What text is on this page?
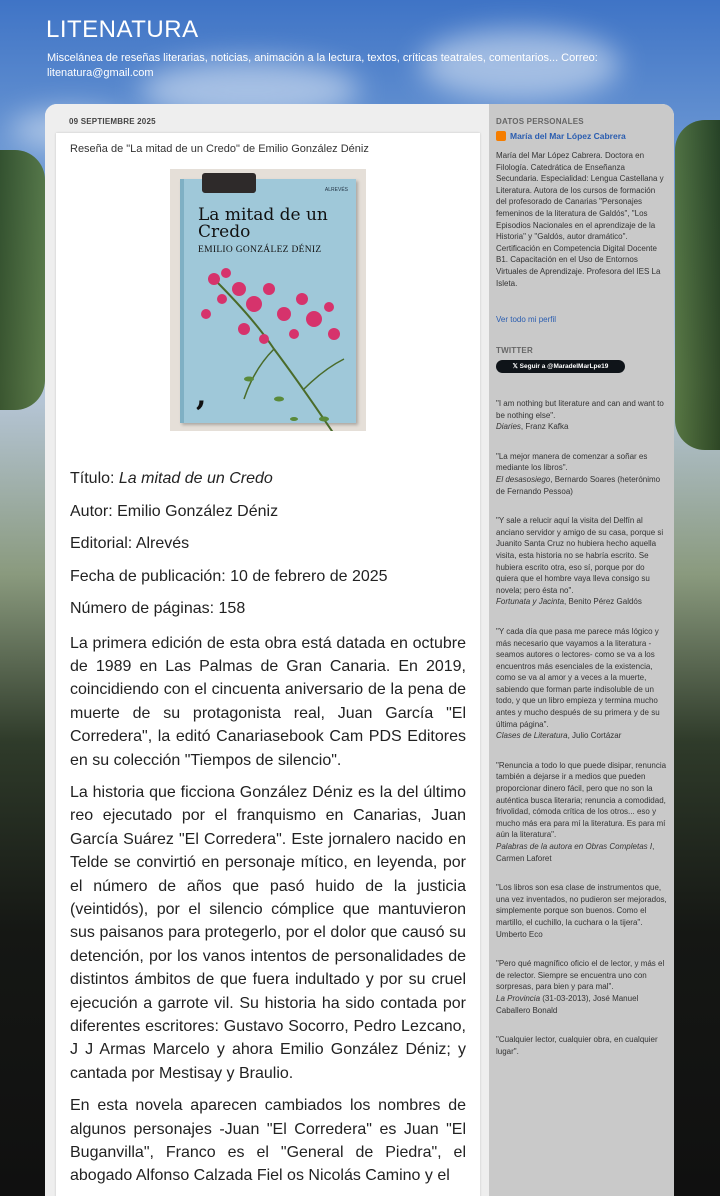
LITENATURA
Miscelánea de reseñas literarias, noticias, animación a la lectura, textos, críticas teatrales, comentarios... Correo: litenatura@gmail.com
09 SEPTIEMBRE 2025
Reseña de "La mitad de un Credo" de Emilio González Déniz
ALREVÉS
La mitad de un Credo
EMILIO GONZÁLEZ DÉNIZ
,
Título: La mitad de un Credo
Autor: Emilio González Déniz
Editorial: Alrevés
Fecha de publicación: 10 de febrero de 2025
Número de páginas: 158

La primera edición de esta obra está datada en octubre de 1989 en Las Palmas de Gran Canaria. En 2019, coincidiendo con el cincuenta aniversario de la pena de muerte de su protagonista real, Juan García "El Corredera", la editó Canariasebook Cam PDS Editores en su colección "Tiempos de silencio".

La historia que ficciona González Déniz es la del último reo ejecutado por el franquismo en Canarias, Juan García Suárez "El Corredera". Este jornalero nacido en Telde se convirtió en personaje mítico, en leyenda, por el número de años que pasó huido de la justicia (veintidós), por el silencio cómplice que mantuvieron sus paisanos para protegerlo, por el dolor que causó su detención, por los vanos intentos de personalidades de distintos ámbitos de que fuera indultado y por su cruel ejecución a garrote vil. Su historia ha sido contada por diferentes escritores: Gustavo Socorro, Pedro Lezcano, J J Armas Marcelo y ahora Emilio González Déniz; y cantada por Mestisay y Braulio.

En esta novela aparecen cambiados los nombres de algunos personajes -Juan "El Corredera" es Juan "El Buganvilla", Franco es el "General de Piedra", el abogado Alfonso Calzada Fiel os Nicolás Camino y el

DATOS PERSONALES
María del Mar López Cabrera
María del Mar López Cabrera. Doctora en Filología. Catedrática de Enseñanza Secundaria. Especialidad: Lengua Castellana y Literatura. Autora de los cursos de formación del profesorado de Canarias "Personajes femeninos de la literatura de Galdós", "Los Episodios Nacionales en el aprendizaje de la Historia" y "Galdós, autor dramático". Certificación en Competencia Digital Docente B1. Capacitación en el Uso de Entornos Virtuales de Aprendizaje. Profesora del IES La Isleta.
Ver todo mi perfil
TWITTER
𝕏 Seguir a @MaradelMarLpe19
"I am nothing but literature and can and want to be nothing else".
Diaries, Franz Kafka
"La mejor manera de comenzar a soñar es mediante los libros".
El desasosiego, Bernardo Soares (heterónimo de Fernando Pessoa)
"Y sale a relucir aquí la visita del Delfín al anciano servidor y amigo de su casa, porque si Juanito Santa Cruz no hubiera hecho aquella visita, esta historia no se habría escrito. Se hubiera escrito otra, eso sí, porque por do quiera que el hombre vaya lleva consigo su novela; pero ésta no".
Fortunata y Jacinta, Benito Pérez Galdós
"Y cada día que pasa me parece más lógico y más necesario que vayamos a la literatura -seamos autores o lectores- como se va a los encuentros más esenciales de la existencia, como se va al amor y a veces a la muerte, sabiendo que forman parte indisoluble de un todo, y que un libro empieza y termina mucho antes y mucho después de su primera y de su última página".
Clases de Literatura, Julio Cortázar
"Renuncia a todo lo que puede disipar, renuncia también a dejarse ir a medios que pueden proporcionar dinero fácil, pero que no son la auténtica busca literaria; renuncia a comodidad, frivolidad, cómoda crítica de los otros... eso y mucho más era para mí la literatura. Es para mí aún la literatura".
Palabras de la autora en Obras Completas I, Carmen Laforet
"Los libros son esa clase de instrumentos que, una vez inventados, no pudieron ser mejorados, simplemente porque son buenos. Como el martillo, el cuchillo, la cuchara o la tijera".
Umberto Eco
"Pero qué magnífico oficio el de lector, y más el de relector. Siempre se encuentra uno con sorpresas, para bien y para mal".
La Provincia (31-03-2013), José Manuel Caballero Bonald
"Cualquier lector, cualquier obra, en cualquier lugar".
